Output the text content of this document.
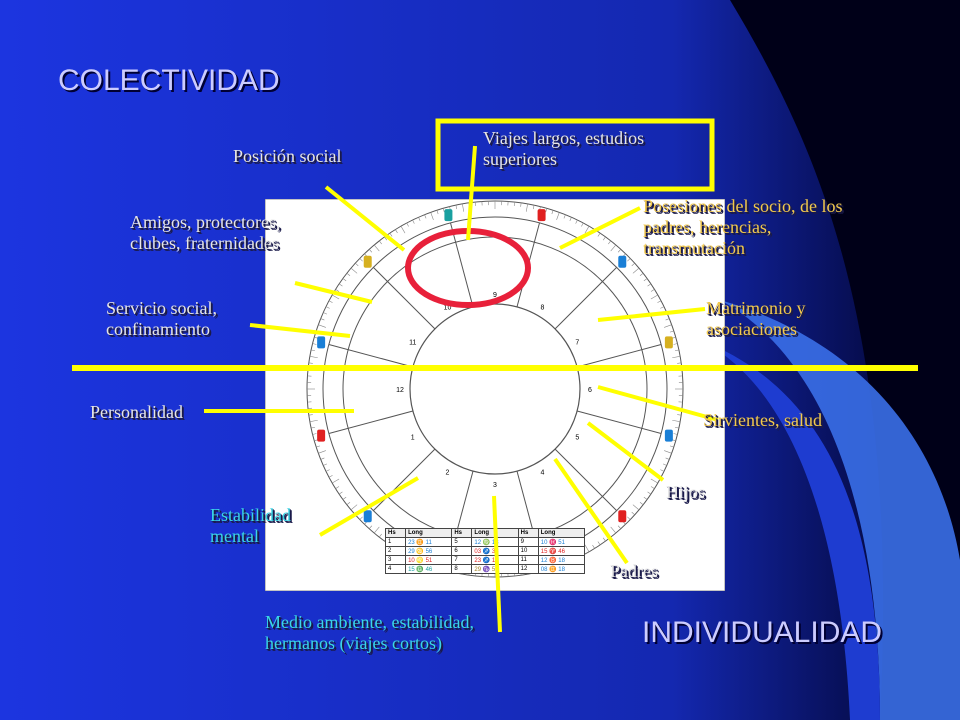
9
8
7
6
5
4
3
2
1
12
11
10
Hs	Long	Hs	Long	Hs	Long
1	23 ♊ 11	5	12 ♍ 18	9	10 ♓ 51
2	29 ♋ 56	6	03 ♐ 38	10	15 ♈ 46
3	10 ♌ 51	7	23 ♐ 11	11	12 ♉ 18
4	15 ♎ 46	8	29 ♑ 56	12	08 ♊ 18
COLECTIVIDAD
INDIVIDUALIDAD
Posición social
Viajes largos, estudios
superiores
Amigos, protectores,
clubes, fraternidades
Posesiones del socio, de los
padres, herencias,
transmutación
Servicio social,
confinamiento
Matrimonio y
asociaciones
Personalidad	Sirvientes, salud
Hijos
Estabilidad
mental
Padres
Medio ambiente, estabilidad,
hermanos (viajes cortos)
